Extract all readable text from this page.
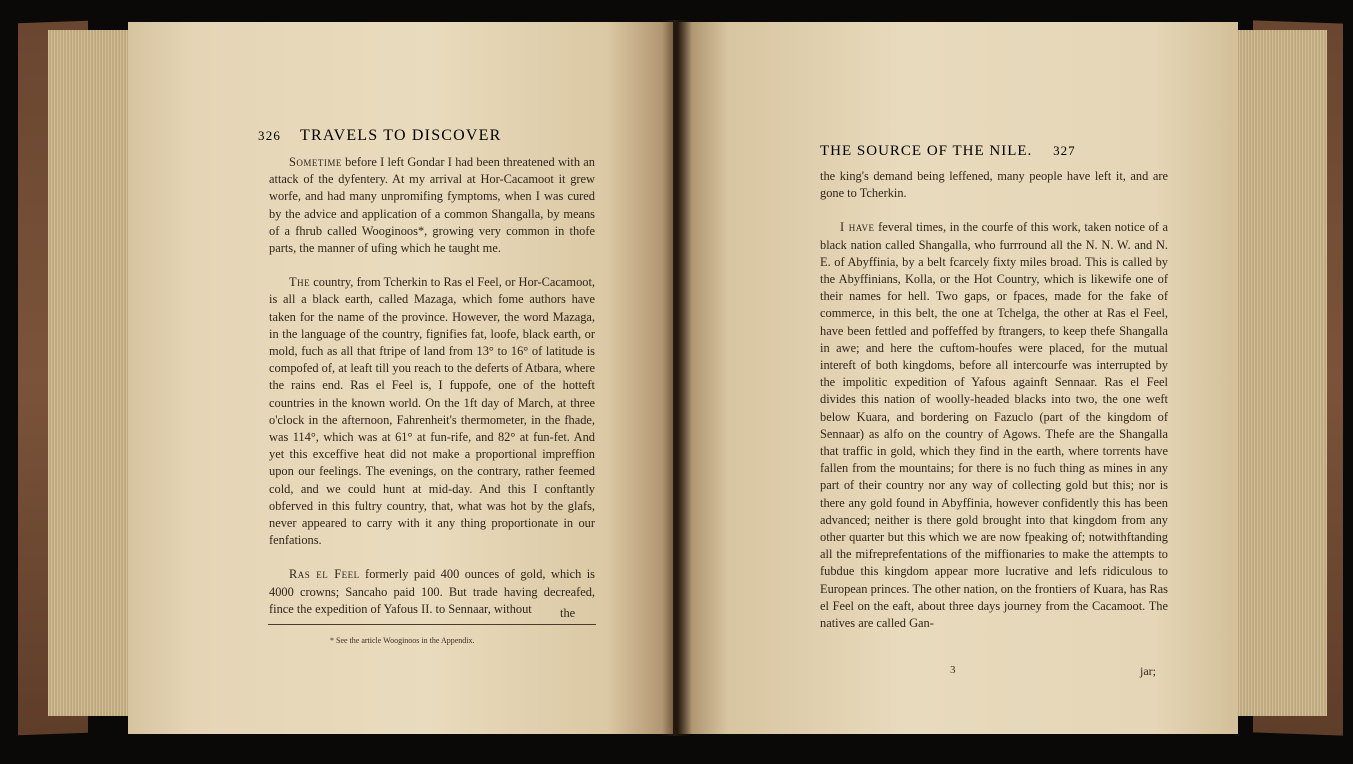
326 TRAVELS TO DISCOVER

Sometime before I left Gondar I had been threatened with an attack of the dyfentery. At my arrival at Hor-Cacamoot it grew worfe, and had many unpromifing fymptoms, when I was cured by the advice and application of a common Shangalla, by means of a fhrub called Wooginoos*, growing very common in thofe parts, the manner of ufing which he taught me.

The country, from Tcherkin to Ras el Feel, or Hor-Cacamoot, is all a black earth, called Mazaga, which fome authors have taken for the name of the province. However, the word Mazaga, in the language of the country, fignifies fat, loofe, black earth, or mold, fuch as all that ftripe of land from 13° to 16° of latitude is compofed of, at leaft till you reach to the deferts of Atbara, where the rains end. Ras el Feel is, I fuppofe, one of the hotteft countries in the known world. On the 1ft day of March, at three o'clock in the afternoon, Fahrenheit's thermometer, in the fhade, was 114°, which was at 61° at fun-rife, and 82° at fun-fet. And yet this exceffive heat did not make a proportional impreffion upon our feelings. The evenings, on the contrary, rather feemed cold, and we could hunt at mid-day. And this I conftantly obferved in this fultry country, that, what was hot by the glafs, never appeared to carry with it any thing proportionate in our fenfations.

Ras el Feel formerly paid 400 ounces of gold, which is 4000 crowns; Sancaho paid 100. But trade having decreafed, fince the expedition of Yafous II. to Sennaar, without	the
* See the article Wooginoos in the Appendix.
THE SOURCE OF THE NILE. 327

the king's demand being leffened, many people have left it, and are gone to Tcherkin.

I have feveral times, in the courfe of this work, taken notice of a black nation called Shangalla, who furrround all the N. N. W. and N. E. of Abyffinia, by a belt fcarcely fixty miles broad. This is called by the Abyffinians, Kolla, or the Hot Country, which is likewife one of their names for hell. Two gaps, or fpaces, made for the fake of commerce, in this belt, the one at Tchelga, the other at Ras el Feel, have been fettled and poffeffed by ftrangers, to keep thefe Shangalla in awe; and here the cuftom-houfes were placed, for the mutual intereft of both kingdoms, before all intercourfe was interrupted by the impolitic expedition of Yafous againft Sennaar. Ras el Feel divides this nation of woolly-headed blacks into two, the one weft below Kuara, and bordering on Fazuclo (part of the kingdom of Sennaar) as alfo on the country of Agows. Thefe are the Shangalla that traffic in gold, which they find in the earth, where torrents have fallen from the mountains; for there is no fuch thing as mines in any part of their country nor any way of collecting gold but this; nor is there any gold found in Abyffinia, however confidently this has been advanced; neither is there gold brought into that kingdom from any other quarter but this which we are now fpeaking of; notwithftanding all the mifreprefentations of the miffionaries to make the attempts to fubdue this kingdom appear more lucrative and lefs ridiculous to European princes. The other nation, on the frontiers of Kuara, has Ras el Feel on the eaft, about three days journey from the Cacamoot. The natives are called Gan-

3	jar;
